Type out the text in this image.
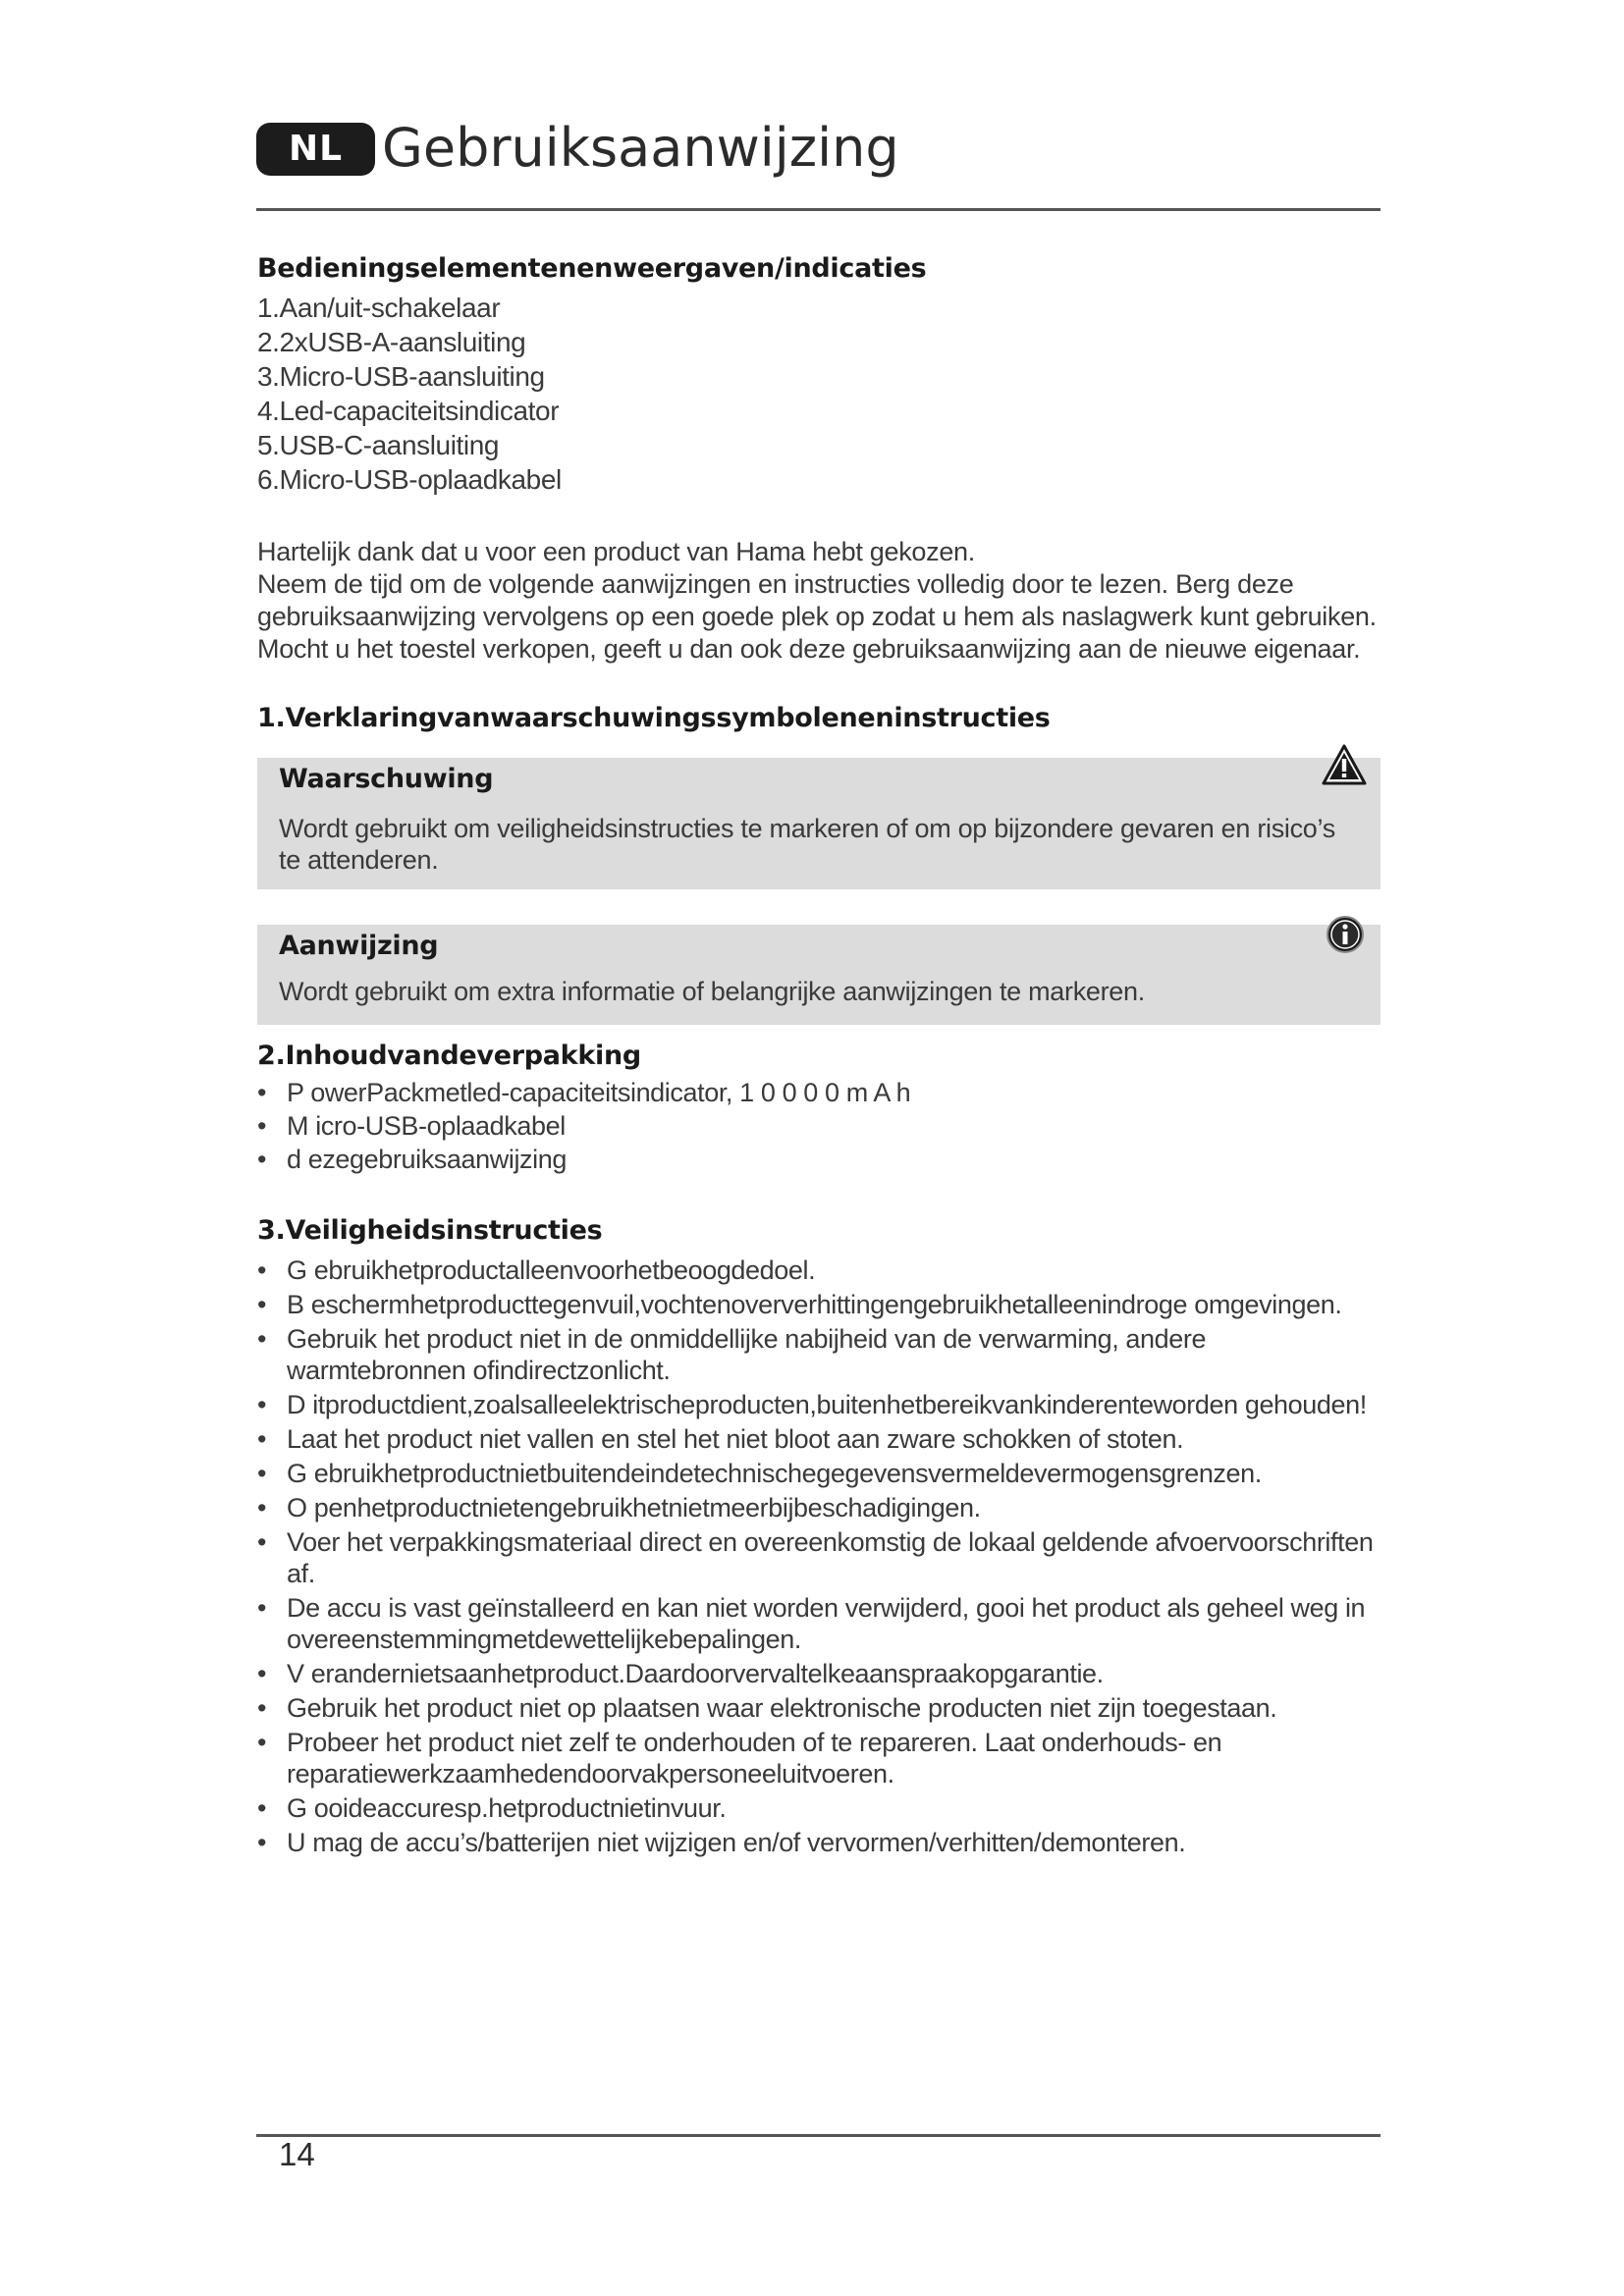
NL Gebruiksaanwijzing
Bedieningselementenenweergaven/indicaties
1.Aan/uit-schakelaar
2.2xUSB-A-aansluiting
3.Micro-USB-aansluiting
4.Led-capaciteitsindicator
5.USB-C-aansluiting
6.Micro-USB-oplaadkabel

Hartelijk dank dat u voor een product van Hama hebt gekozen.

Neem de tijd om de volgende aanwijzingen en instructies volledig door te lezen. Berg deze

gebruiksaanwijzing vervolgens op een goede plek op zodat u hem als naslagwerk kunt gebruiken.

Mocht u het toestel verkopen, geeft u dan ook deze gebruiksaanwijzing aan de nieuwe eigenaar.

1.Verklaringvanwaarschuwingssymboleneninstructies
Waarschuwing

Wordt gebruikt om veiligheidsinstructies te markeren of om op bijzondere gevaren en risico’s te attenderen.

Aanwijzing

Wordt gebruikt om extra informatie of belangrijke aanwijzingen te markeren.

2.Inhoudvandeverpakking
• P owerPackmetled-capaciteitsindicator, 1 0 0 0 0 m A h
• M icro-USB-oplaadkabel
• d ezegebruiksaanwijzing
3.Veiligheidsinstructies
• G ebruikhetproductalleenvoorhetbeoogdedoel.
• B eschermhetproducttegenvuil,vochtenoververhittingengebruikhetalleenindroge omgevingen.
• Gebruik het product niet in de onmiddellijke nabijheid van de verwarming, andere warmtebronnen ofindirectzonlicht.
• D itproductdient,zoalsalleelektrischeproducten,buitenhetbereikvankinderenteworden gehouden!
• Laat het product niet vallen en stel het niet bloot aan zware schokken of stoten.
• G ebruikhetproductnietbuitendeindetechnischegegevensvermeldevermogensgrenzen.
• O penhetproductnietengebruikhetnietmeerbijbeschadigingen.
• Voer het verpakkingsmateriaal direct en overeenkomstig de lokaal geldende afvoervoorschriften af.
• De accu is vast geïnstalleerd en kan niet worden verwijderd, gooi het product als geheel weg in overeenstemmingmetdewettelijkebepalingen.
• V erandernietsaanhetproduct.Daardoorvervaltelkeaanspraakopgarantie.
• Gebruik het product niet op plaatsen waar elektronische producten niet zijn toegestaan.
• Probeer het product niet zelf te onderhouden of te repareren. Laat onderhouds- en reparatiewerkzaamhedendoorvakpersoneeluitvoeren.
• G ooideaccuresp.hetproductnietinvuur.
• U mag de accu’s/batterijen niet wijzigen en/of vervormen/verhitten/demonteren.
14
